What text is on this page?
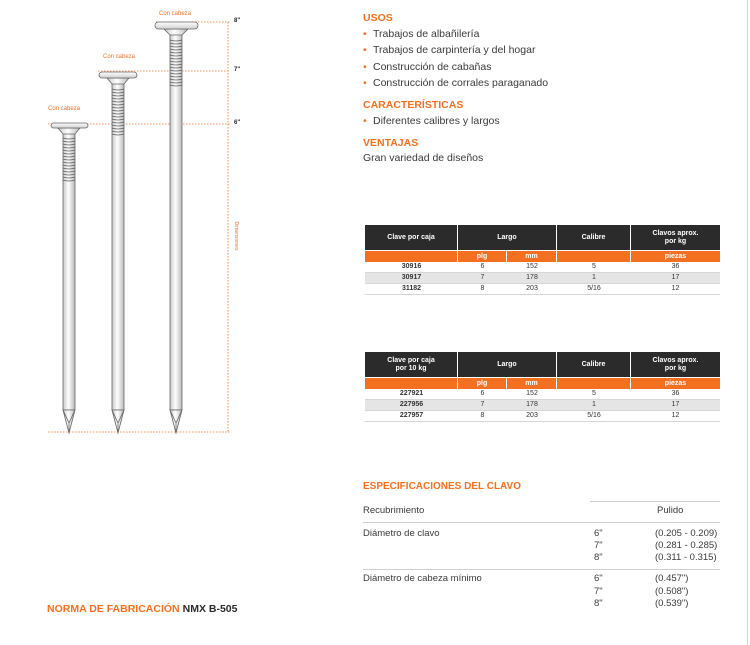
Con cabeza
Con cabeza
Con cabeza
8"
7"
6"
Dimensiones
USOS
•Trabajos de albañilería
•Trabajos de carpintería y del hogar
•Construcción de cabañas
•Construcción de corrales paraganado
CARACTERÍSTICAS
•Diferentes calibres y largos
VENTAJAS
Gran variedad de diseños
Clave por caja	Largo	Calibre
Clavos aprox.
por kg
plg	mm	piezas
30916	6	152	5	36
30917	7	178	1	17
31182	8	203	5/16	12
Clave por caja
por 10 kg
Largo	Calibre
Clavos aprox.
por kg
plg	mm	piezas
227921	6	152	5	36
227956	7	178	1	17
227957	8	203	5/16	12
ESPECIFICACIONES DEL CLAVO
Recubrimiento	Pulido
Diámetro de clavo	6"	(0.205 - 0.209)
7"	(0.281 - 0.285)
8"	(0.311 - 0.315)
Diámetro de cabeza mínimo	6"	(0.457")
7"	(0.508")
8"	(0.539")
NORMA DE FABRICACIÓN NMX B-505
